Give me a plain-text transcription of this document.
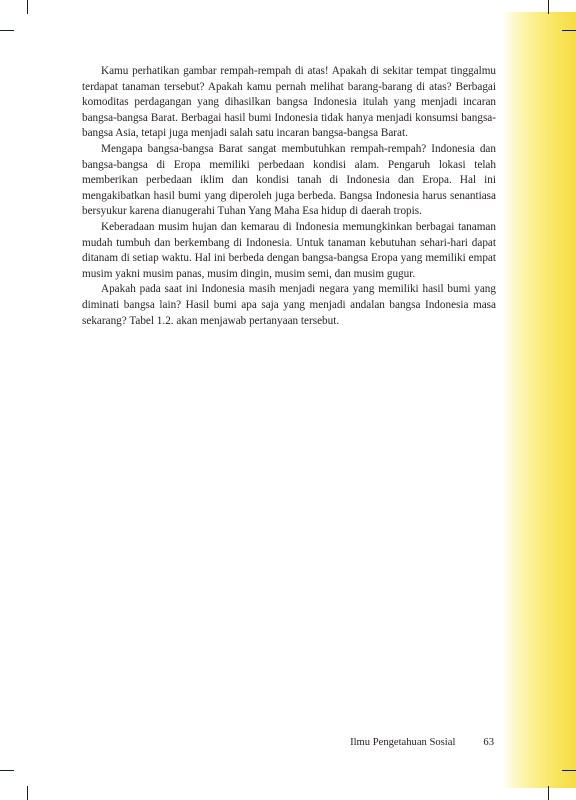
Kamu perhatikan gambar rempah-rempah di atas! Apakah di sekitar tempat tinggalmu terdapat tanaman tersebut? Apakah kamu pernah melihat barang-barang di atas? Berbagai komoditas perdagangan yang dihasilkan bangsa Indonesia itulah yang menjadi incaran bangsa-bangsa Barat. Berbagai hasil bumi Indonesia tidak hanya menjadi konsumsi bangsa-bangsa Asia, tetapi juga menjadi salah satu incaran bangsa-bangsa Barat.

Mengapa bangsa-bangsa Barat sangat membutuhkan rempah-rempah? Indonesia dan bangsa-bangsa di Eropa memiliki perbedaan kondisi alam. Pengaruh lokasi telah memberikan perbedaan iklim dan kondisi tanah di Indonesia dan Eropa. Hal ini mengakibatkan hasil bumi yang diperoleh juga berbeda. Bangsa Indonesia harus senantiasa bersyukur karena dianugerahi Tuhan Yang Maha Esa hidup di daerah tropis.

Keberadaan musim hujan dan kemarau di Indonesia memungkinkan berbagai tanaman mudah tumbuh dan berkembang di Indonesia. Untuk tanaman kebutuhan sehari-hari dapat ditanam di setiap waktu. Hal ini berbeda dengan bangsa-bangsa Eropa yang memiliki empat musim yakni musim panas, musim dingin, musim semi, dan musim gugur.

Apakah pada saat ini Indonesia masih menjadi negara yang memiliki hasil bumi yang diminati bangsa lain? Hasil bumi apa saja yang menjadi andalan bangsa Indonesia masa sekarang? Tabel 1.2. akan menjawab pertanyaan tersebut.

Ilmu Pengetahuan Sosial	63
